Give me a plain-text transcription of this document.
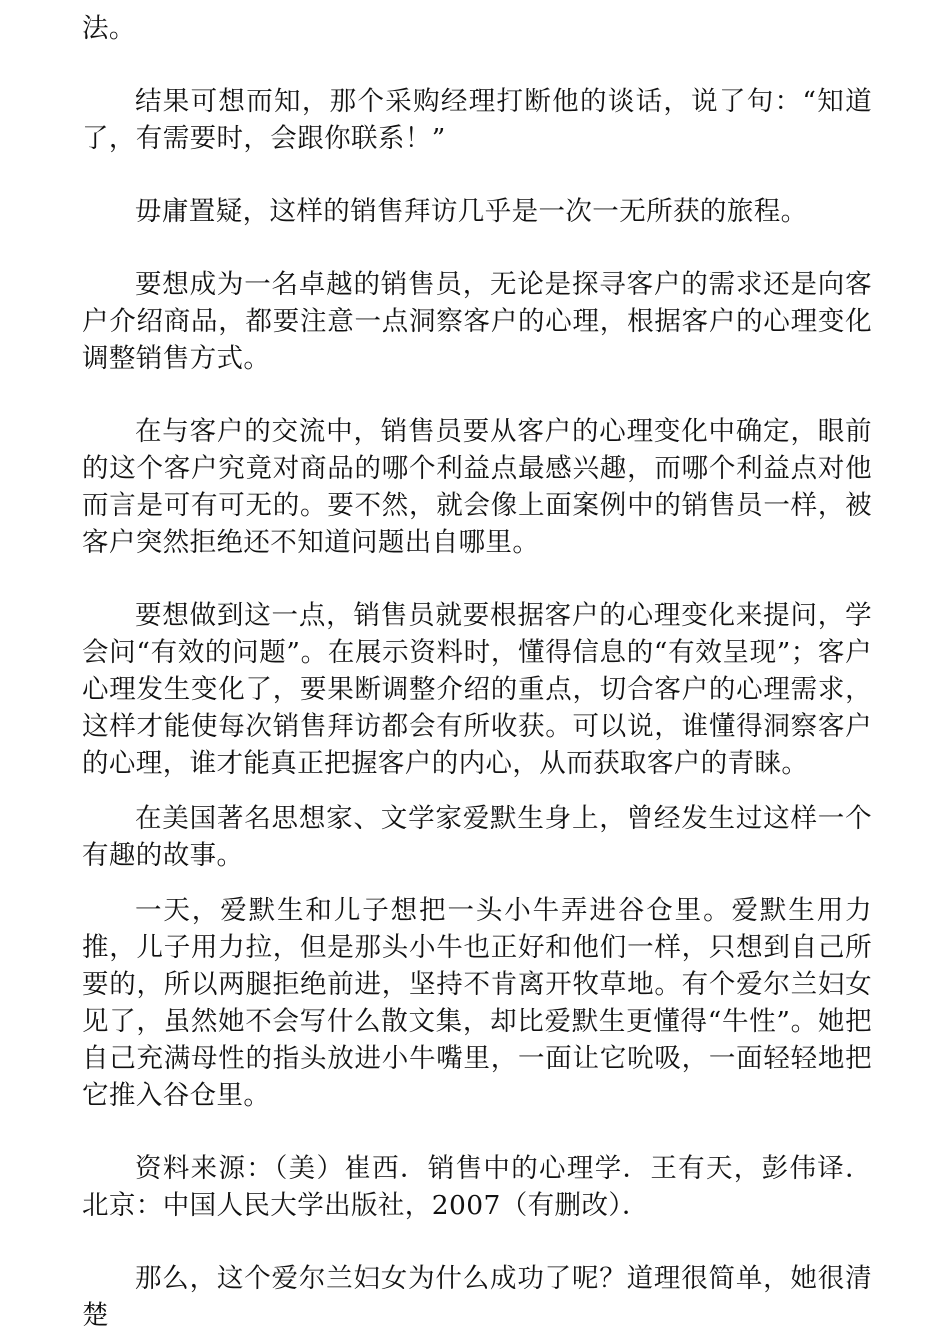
法。

结果可想而知，那个采购经理打断他的谈话，说了句：“知道了，有需要时，会跟你联系！”

毋庸置疑，这样的销售拜访几乎是一次一无所获的旅程。

要想成为一名卓越的销售员，无论是探寻客户的需求还是向客户介绍商品，都要注意一点洞察客户的心理，根据客户的心理变化调整销售方式。

在与客户的交流中，销售员要从客户的心理变化中确定，眼前的这个客户究竟对商品的哪个利益点最感兴趣，而哪个利益点对他而言是可有可无的。要不然，就会像上面案例中的销售员一样，被客户突然拒绝还不知道问题出自哪里。

要想做到这一点，销售员就要根据客户的心理变化来提问，学会问“有效的问题”。在展示资料时，懂得信息的“有效呈现”；客户心理发生变化了，要果断调整介绍的重点，切合客户的心理需求，这样才能使每次销售拜访都会有所收获。可以说，谁懂得洞察客户的心理，谁才能真正把握客户的内心，从而获取客户的青睐。

在美国著名思想家、文学家爱默生身上，曾经发生过这样一个有趣的故事。

一天，爱默生和儿子想把一头小牛弄进谷仓里。爱默生用力推，儿子用力拉，但是那头小牛也正好和他们一样，只想到自己所要的，所以两腿拒绝前进，坚持不肯离开牧草地。有个爱尔兰妇女见了，虽然她不会写什么散文集，却比爱默生更懂得“牛性”。她把自己充满母性的指头放进小牛嘴里，一面让它吮吸，一面轻轻地把它推入谷仓里。

资料来源：（美）崔西．销售中的心理学．王有天，彭伟译．北京：中国人民大学出版社，2007（有删改）．

那么，这个爱尔兰妇女为什么成功了呢？道理很简单，她很清楚
